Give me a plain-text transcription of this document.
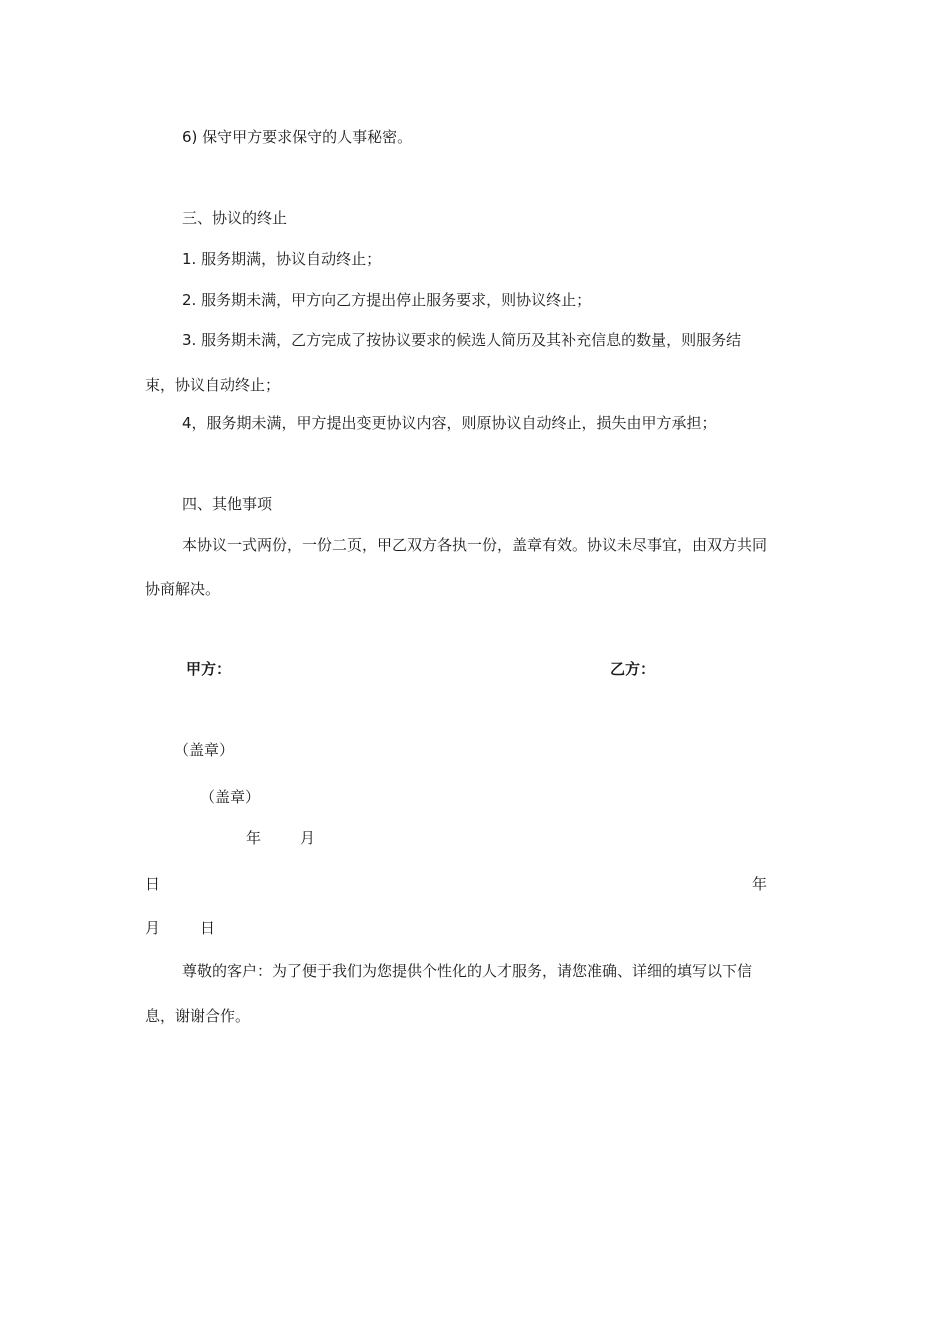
6) 保守甲方要求保守的人事秘密。
三、协议的终止
1. 服务期满，协议自动终止；
2. 服务期未满，甲方向乙方提出停止服务要求，则协议终止；
3. 服务期未满，乙方完成了按协议要求的候选人简历及其补充信息的数量，则服务结
束，协议自动终止；
4，服务期未满，甲方提出变更协议内容，则原协议自动终止，损失由甲方承担；
四、其他事项
本协议一式两份，一份二页，甲乙双方各执一份，盖章有效。协议未尽事宜，由双方共同
协商解决。
甲方：	乙方：
（盖章）
（盖章）
年	月
日	年
月	日
尊敬的客户：为了便于我们为您提供个性化的人才服务，请您准确、详细的填写以下信
息，谢谢合作。
